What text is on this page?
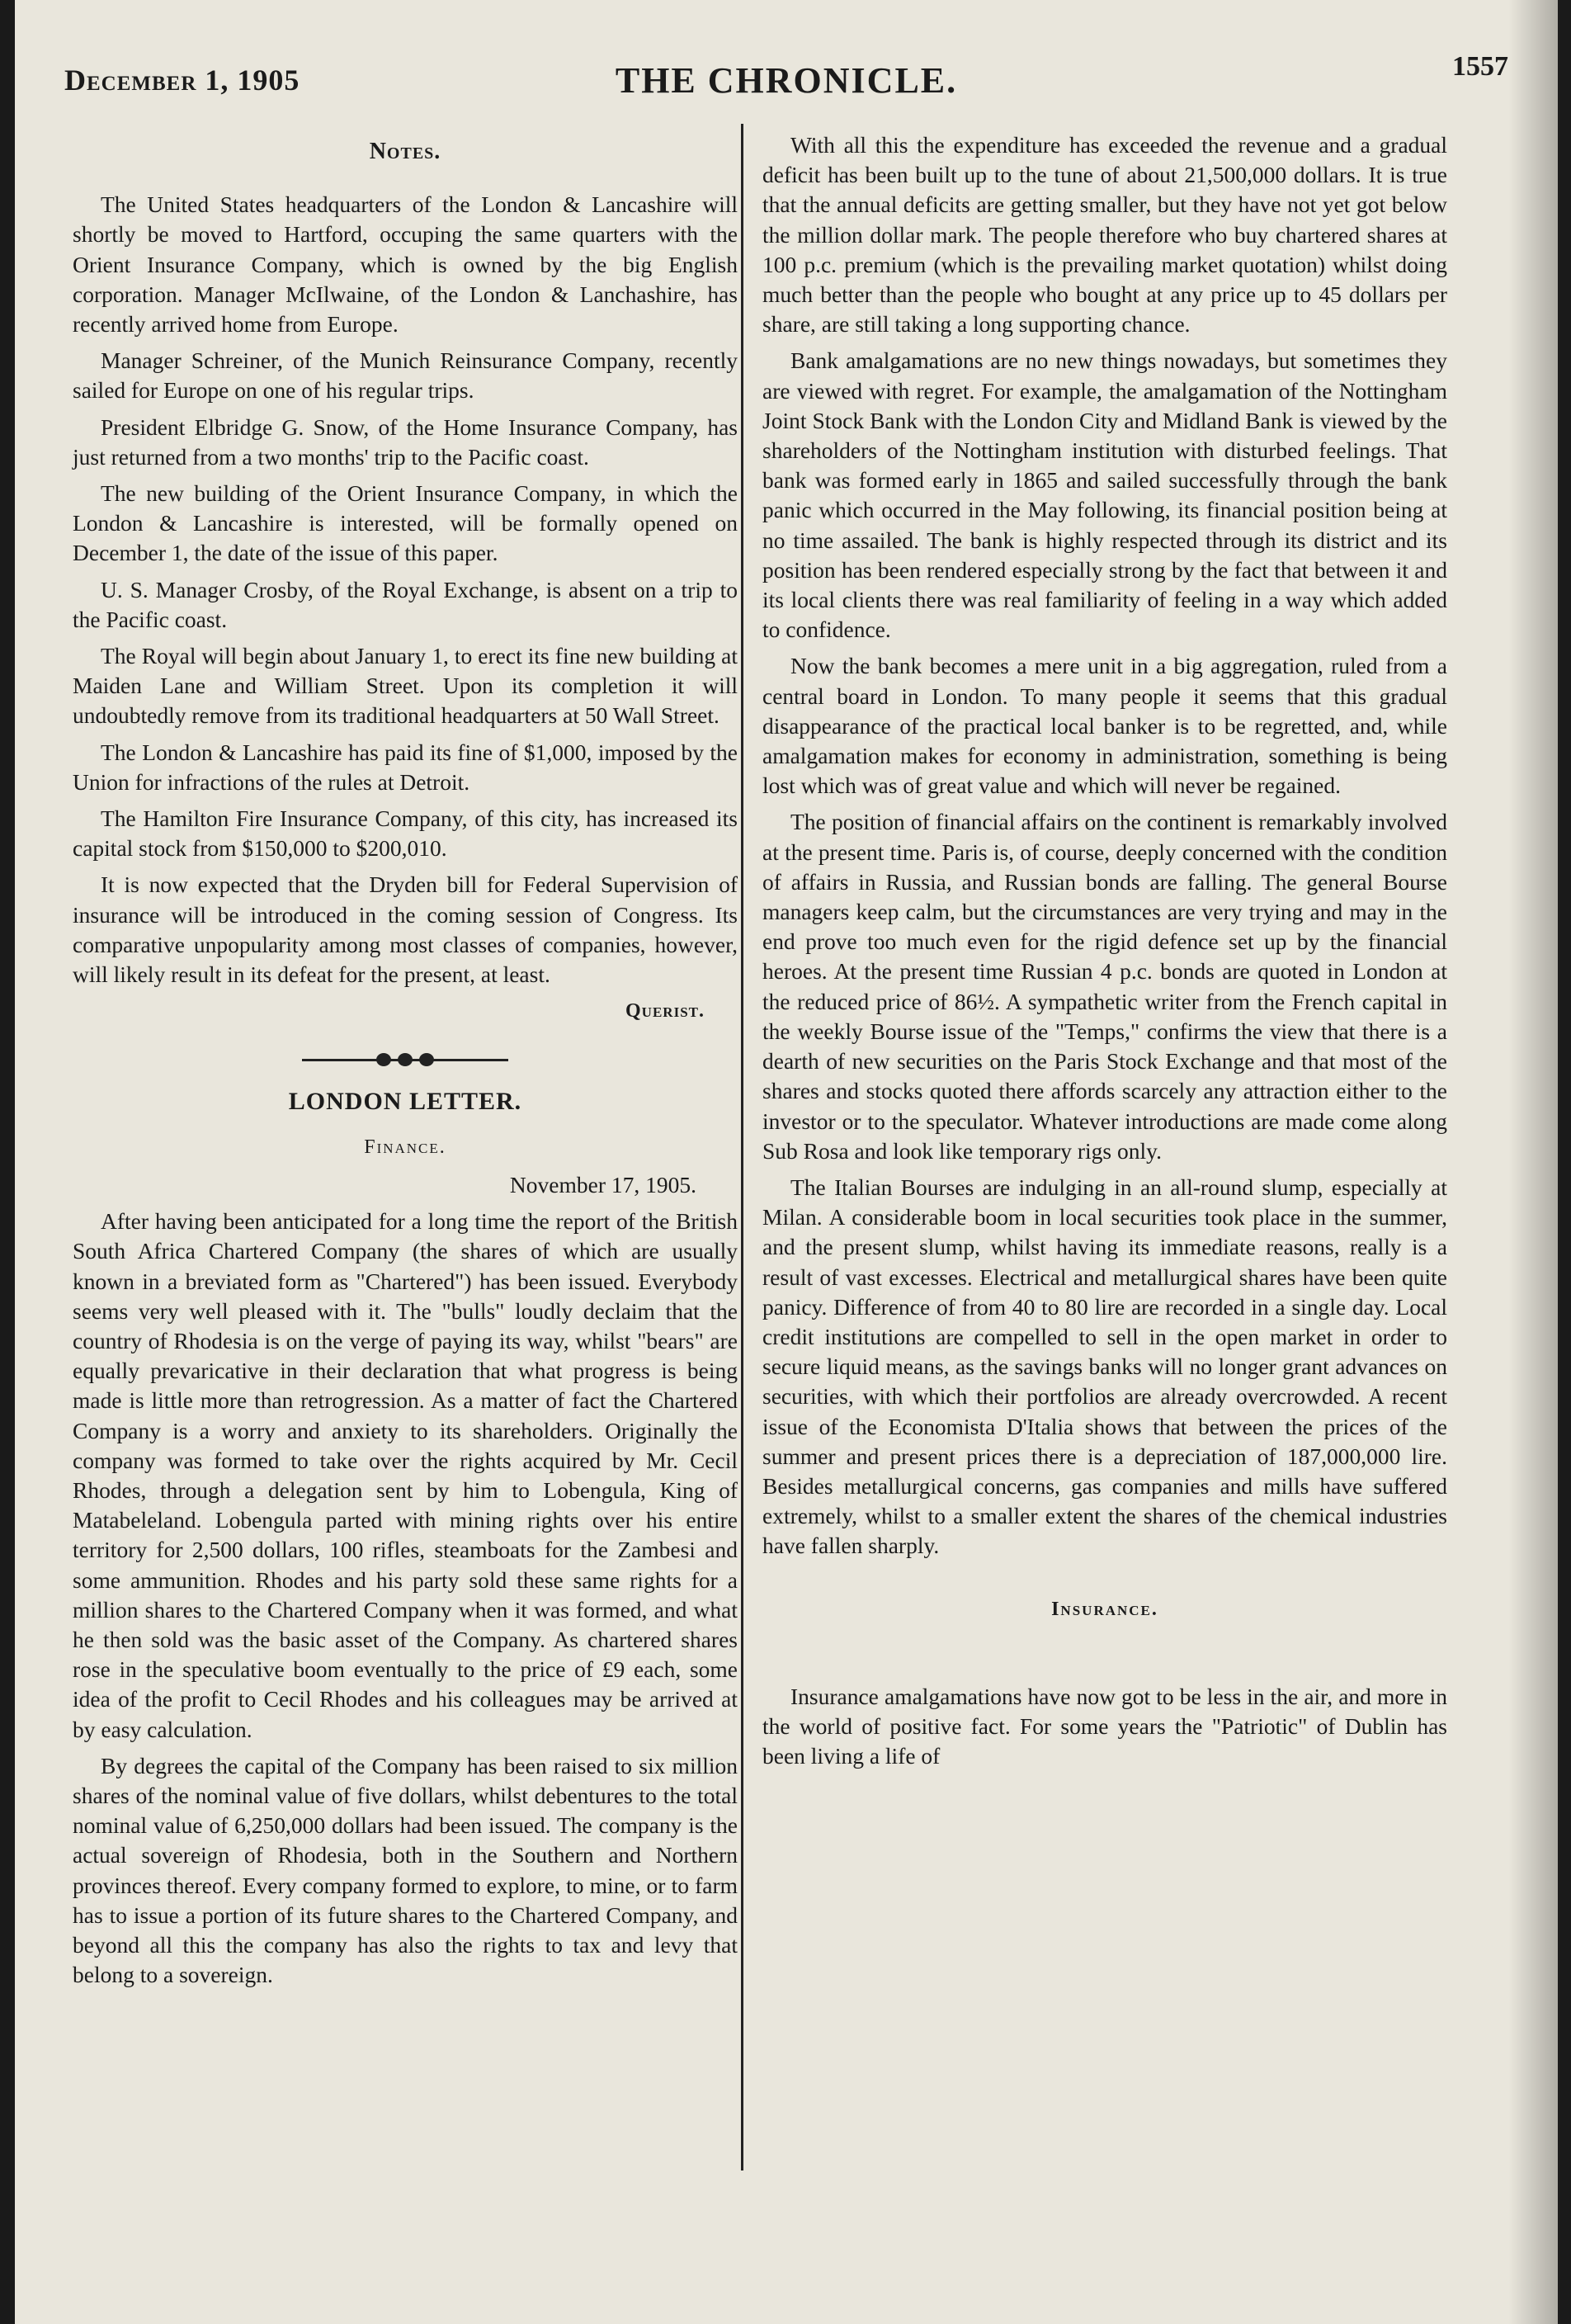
December 1, 1905	THE CHRONICLE.	1557
Notes.

The United States headquarters of the London & Lancashire will shortly be moved to Hartford, occuping the same quarters with the Orient Insurance Company, which is owned by the big English corporation. Manager McIlwaine, of the London & Lanchashire, has recently arrived home from Europe.

Manager Schreiner, of the Munich Reinsurance Company, recently sailed for Europe on one of his regular trips.

President Elbridge G. Snow, of the Home Insurance Company, has just returned from a two months' trip to the Pacific coast.

The new building of the Orient Insurance Company, in which the London & Lancashire is interested, will be formally opened on December 1, the date of the issue of this paper.

U. S. Manager Crosby, of the Royal Exchange, is absent on a trip to the Pacific coast.

The Royal will begin about January 1, to erect its fine new building at Maiden Lane and William Street. Upon its completion it will undoubtedly remove from its traditional headquarters at 50 Wall Street.

The London & Lancashire has paid its fine of $1,000, imposed by the Union for infractions of the rules at Detroit.

The Hamilton Fire Insurance Company, of this city, has increased its capital stock from $150,000 to $200,010.

It is now expected that the Dryden bill for Federal Supervision of insurance will be introduced in the coming session of Congress. Its comparative unpopularity among most classes of companies, however, will likely result in its defeat for the present, at least.

Querist.
LONDON LETTER.
Finance.
November 17, 1905.

After having been anticipated for a long time the report of the British South Africa Chartered Company (the shares of which are usually known in a breviated form as "Chartered") has been issued. Everybody seems very well pleased with it. The "bulls" loudly declaim that the country of Rhodesia is on the verge of paying its way, whilst "bears" are equally prevaricative in their declaration that what progress is being made is little more than retrogression. As a matter of fact the Chartered Company is a worry and anxiety to its shareholders. Originally the company was formed to take over the rights acquired by Mr. Cecil Rhodes, through a delegation sent by him to Lobengula, King of Matabeleland. Lobengula parted with mining rights over his entire territory for 2,500 dollars, 100 rifles, steamboats for the Zambesi and some ammunition. Rhodes and his party sold these same rights for a million shares to the Chartered Company when it was formed, and what he then sold was the basic asset of the Company. As chartered shares rose in the speculative boom eventually to the price of £9 each, some idea of the profit to Cecil Rhodes and his colleagues may be arrived at by easy calculation.

By degrees the capital of the Company has been raised to six million shares of the nominal value of five dollars, whilst debentures to the total nominal value of 6,250,000 dollars had been issued. The company is the actual sovereign of Rhodesia, both in the Southern and Northern provinces thereof. Every company formed to explore, to mine, or to farm has to issue a portion of its future shares to the Chartered Company, and beyond all this the company has also the rights to tax and levy that belong to a sovereign.

With all this the expenditure has exceeded the revenue and a gradual deficit has been built up to the tune of about 21,500,000 dollars. It is true that the annual deficits are getting smaller, but they have not yet got below the million dollar mark. The people therefore who buy chartered shares at 100 p.c. premium (which is the prevailing market quotation) whilst doing much better than the people who bought at any price up to 45 dollars per share, are still taking a long supporting chance.

Bank amalgamations are no new things nowadays, but sometimes they are viewed with regret. For example, the amalgamation of the Nottingham Joint Stock Bank with the London City and Midland Bank is viewed by the shareholders of the Nottingham institution with disturbed feelings. That bank was formed early in 1865 and sailed successfully through the bank panic which occurred in the May following, its financial position being at no time assailed. The bank is highly respected through its district and its position has been rendered especially strong by the fact that between it and its local clients there was real familiarity of feeling in a way which added to confidence.

Now the bank becomes a mere unit in a big aggregation, ruled from a central board in London. To many people it seems that this gradual disappearance of the practical local banker is to be regretted, and, while amalgamation makes for economy in administration, something is being lost which was of great value and which will never be regained.

The position of financial affairs on the continent is remarkably involved at the present time. Paris is, of course, deeply concerned with the condition of affairs in Russia, and Russian bonds are falling. The general Bourse managers keep calm, but the circumstances are very trying and may in the end prove too much even for the rigid defence set up by the financial heroes. At the present time Russian 4 p.c. bonds are quoted in London at the reduced price of 86½. A sympathetic writer from the French capital in the weekly Bourse issue of the "Temps," confirms the view that there is a dearth of new securities on the Paris Stock Exchange and that most of the shares and stocks quoted there affords scarcely any attraction either to the investor or to the speculator. Whatever introductions are made come along Sub Rosa and look like temporary rigs only.

The Italian Bourses are indulging in an all-round slump, especially at Milan. A considerable boom in local securities took place in the summer, and the present slump, whilst having its immediate reasons, really is a result of vast excesses. Electrical and metallurgical shares have been quite panicy. Difference of from 40 to 80 lire are recorded in a single day. Local credit institutions are compelled to sell in the open market in order to secure liquid means, as the savings banks will no longer grant advances on securities, with which their portfolios are already overcrowded. A recent issue of the Economista D'Italia shows that between the prices of the summer and present prices there is a depreciation of 187,000,000 lire. Besides metallurgical concerns, gas companies and mills have suffered extremely, whilst to a smaller extent the shares of the chemical industries have fallen sharply.

Insurance.

Insurance amalgamations have now got to be less in the air, and more in the world of positive fact. For some years the "Patriotic" of Dublin has been living a life of
